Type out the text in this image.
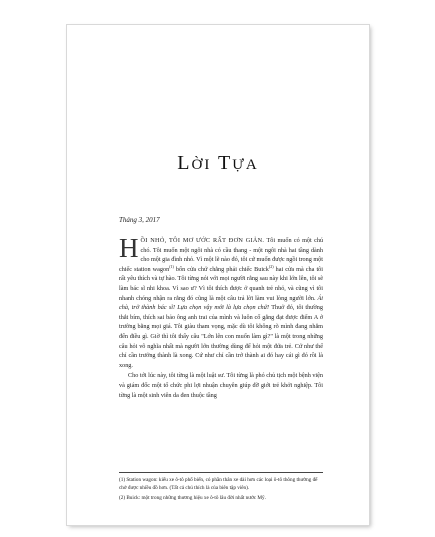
LỜI TỰA
Tháng 3, 2017

HỒI NHỎ, TÔI MƠ ƯỚC RẤT ĐƠN GIẢN. Tôi muốn có một chú chó. Tôi muốn một ngôi nhà có cầu thang - một ngôi nhà hai tầng dành cho một gia đình nhỏ. Vì một lẽ nào đó, tôi cứ muốn được ngồi trong một chiếc station wagon$^{(1)}$ bốn cửa chứ chẳng phải chiếc Buick$^{(2)}$ hai cửa mà cha tôi rất yêu thích và tự hào. Tôi từng nói với mọi người rằng sau này khi lớn lên, tôi sẽ làm bác sĩ nhi khoa. Vì sao ư? Vì tôi thích được ở quanh trẻ nhỏ, và cũng vì tôi nhanh chóng nhận ra rằng đó cũng là một câu trả lời làm vui lòng người lớn. Ái chà, trở thành bác sĩ! Lựa chọn vậy mới là lựa chọn chứ! Thuở đó, tôi thường thắt bím, thích sai bảo ông anh trai của mình và luôn cố gắng đạt được điểm A ở trường bằng mọi giá. Tôi giàu tham vọng, mặc dù tôi không rõ mình đang nhắm đến điều gì. Giờ thì tôi thấy câu "Lớn lên con muốn làm gì?" là một trong những câu hỏi vô nghĩa nhất mà người lớn thường dùng để hỏi một đứa trẻ. Cứ như thể chỉ cần trưởng thành là xong. Cứ như chỉ cần trở thành ai đó hay cái gì đó rồi là xong.

Cho tới lúc này, tôi từng là một luật sư. Tôi từng là phó chủ tịch một bệnh viện và giám đốc một tổ chức phi lợi nhuận chuyên giúp đỡ giới trẻ khởi nghiệp. Tôi từng là một sinh viên da đen thuộc tầng

(1) Station wagon: kiểu xe ô-tô phổ biến, có phần thân xe dài hơn các loại ô-tô thông thường để chở được nhiều đồ hơn. (Tất cả chú thích là của biên tập viên).

(2) Buick: một trong những thương hiệu xe ô-tô lâu đời nhất nước Mỹ.
